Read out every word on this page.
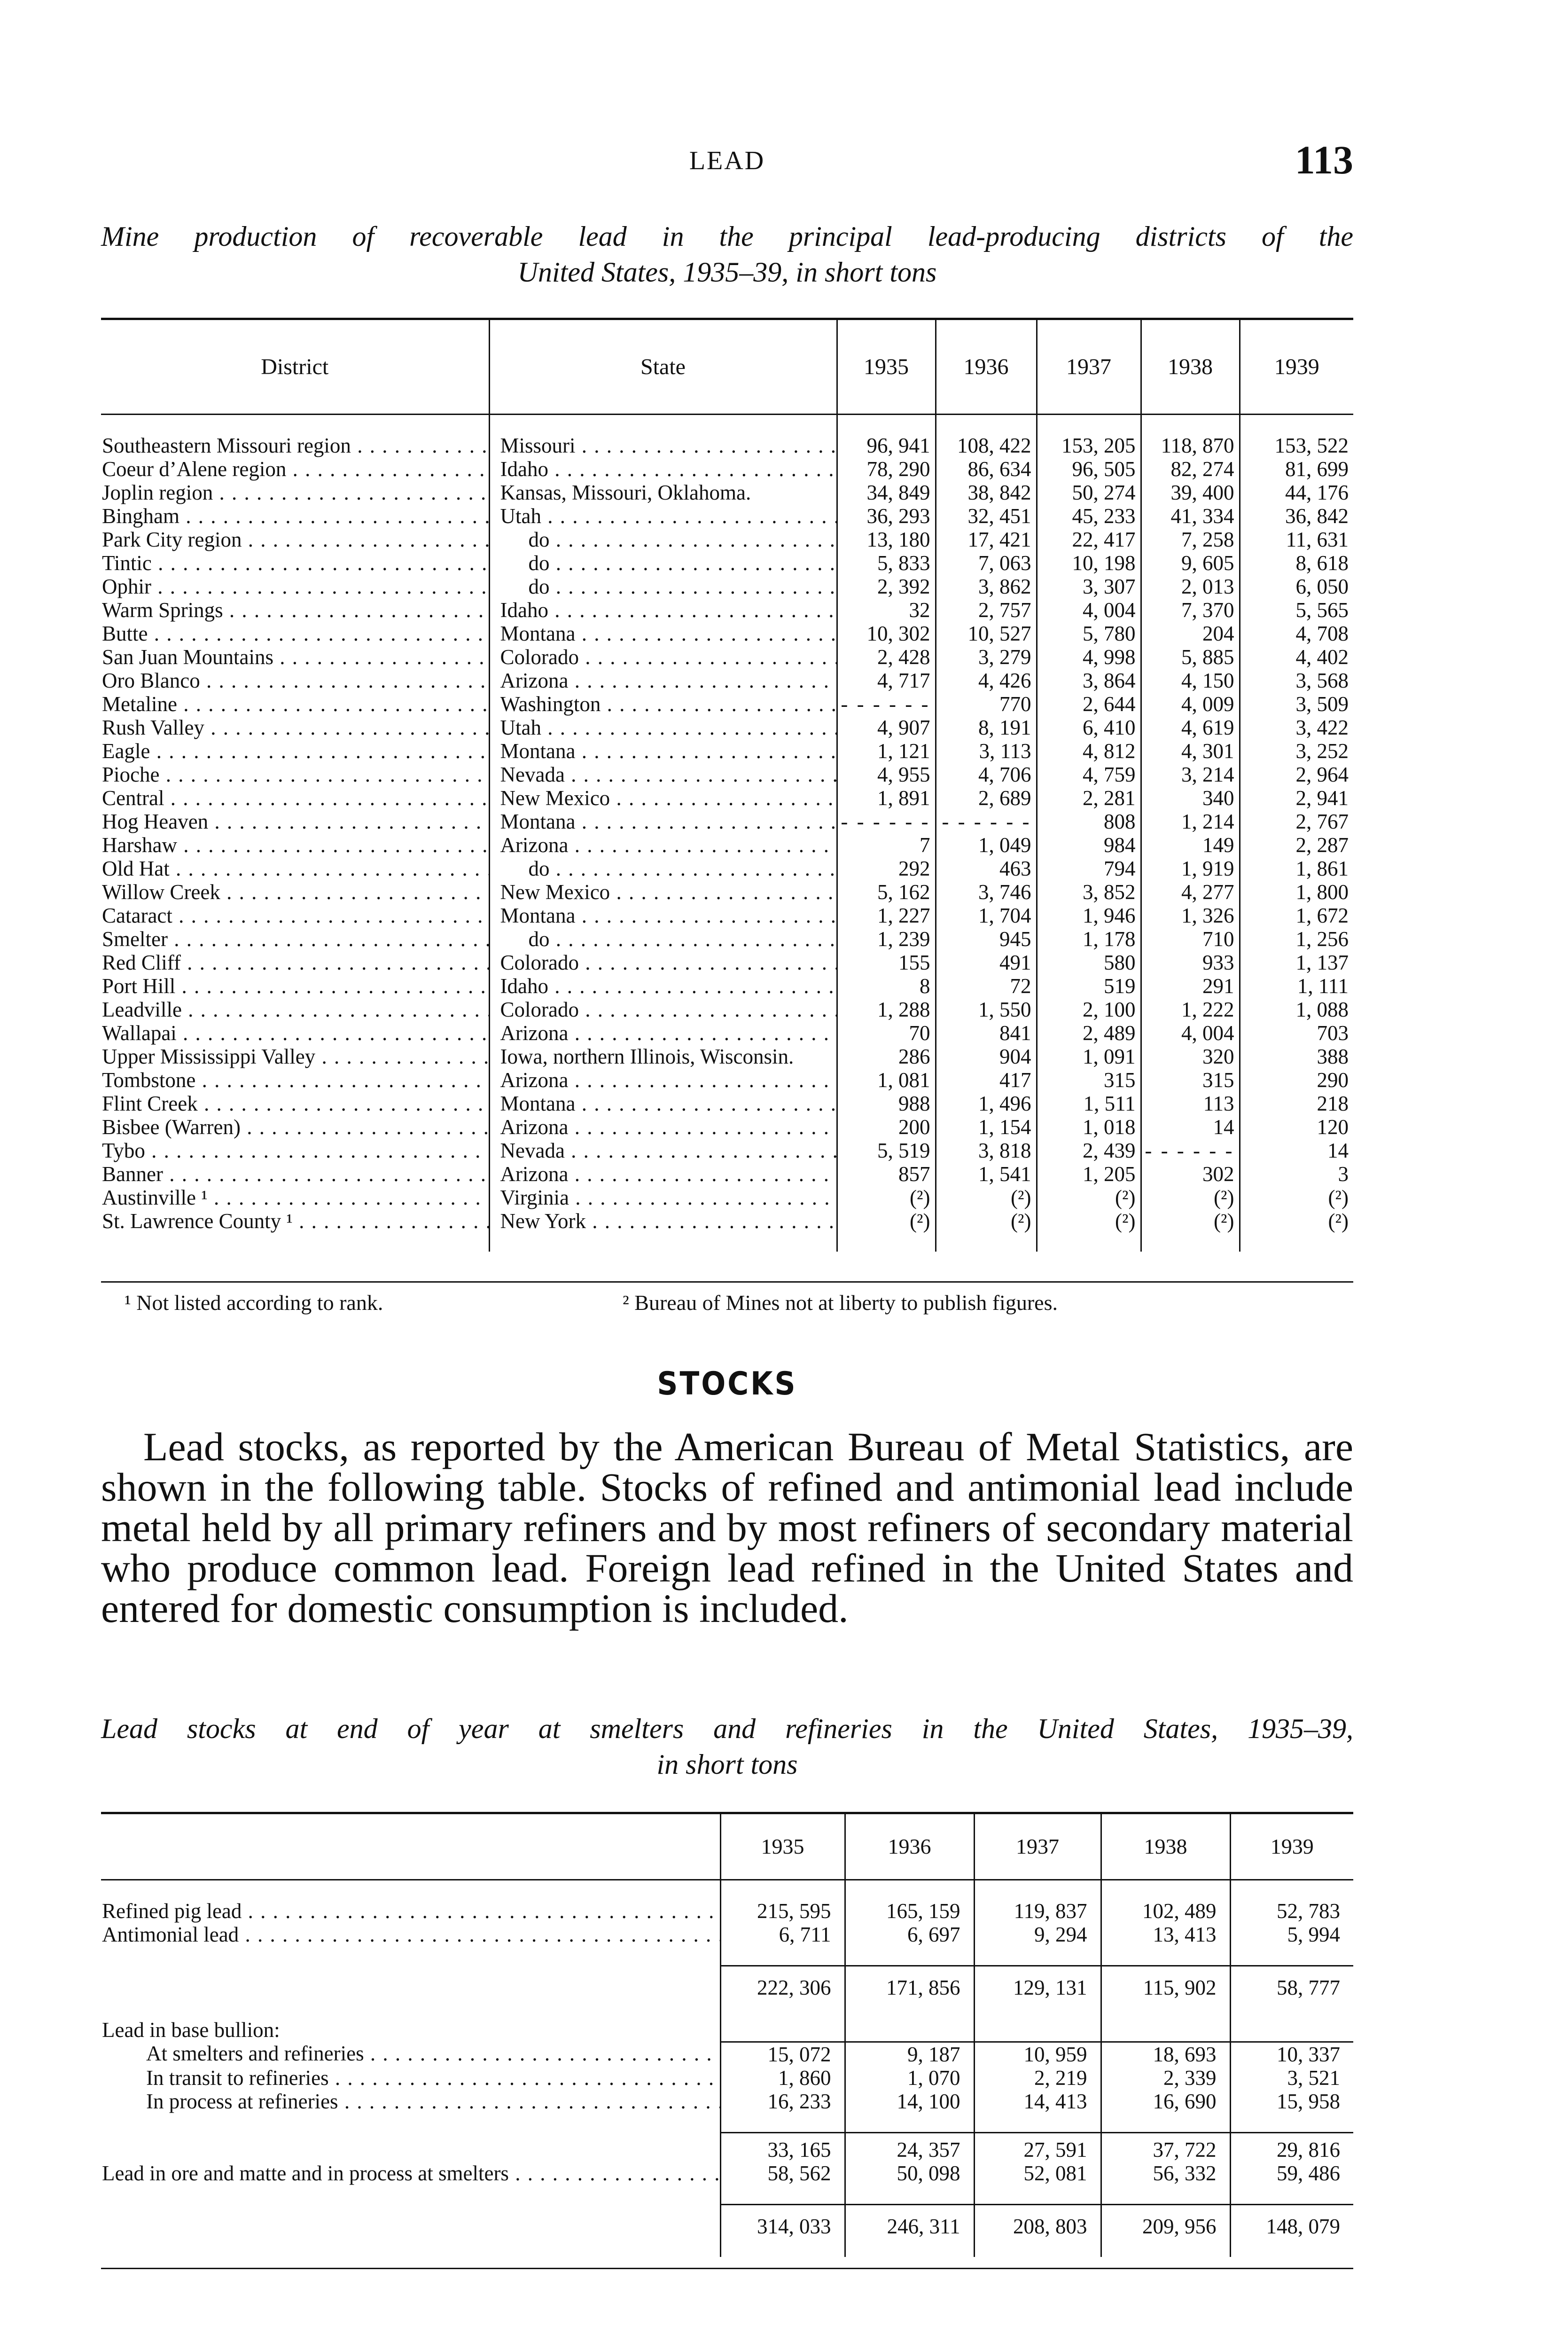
LEAD	113
Mine production of recoverable lead in the principal lead-producing districts of the
United States, 1935–39, in short tons
District	State	1935	1936	1937	1938	1939

Southeastern Missouri region . . .	Missouri . . .	96, 941	108, 422	153, 205	118, 870	153, 522

Coeur d’Alene region . . .	Idaho . . .	78, 290	86, 634	96, 505	82, 274	81, 699

Joplin region . . .	Kansas, Missouri, Oklahoma.	34, 849	38, 842	50, 274	39, 400	44, 176

Bingham . . .	Utah . . .	36, 293	32, 451	45, 233	41, 334	36, 842

Park City region . . .	do . . .	13, 180	17, 421	22, 417	7, 258	11, 631

Tintic . . .	do . . .	5, 833	7, 063	10, 198	9, 605	8, 618

Ophir . . .	do . . .	2, 392	3, 862	3, 307	2, 013	6, 050

Warm Springs . . .	Idaho . . .	32	2, 757	4, 004	7, 370	5, 565

Butte . . .	Montana . . .	10, 302	10, 527	5, 780	204	4, 708

San Juan Mountains . . .	Colorado . . .	2, 428	3, 279	4, 998	5, 885	4, 402

Oro Blanco . . .	Arizona . . .	4, 717	4, 426	3, 864	4, 150	3, 568

Metaline . . .	Washington . . .	- - - - - -	770	2, 644	4, 009	3, 509

Rush Valley . . .	Utah . . .	4, 907	8, 191	6, 410	4, 619	3, 422

Eagle . . .	Montana . . .	1, 121	3, 113	4, 812	4, 301	3, 252

Pioche . . .	Nevada . . .	4, 955	4, 706	4, 759	3, 214	2, 964

Central . . .	New Mexico . . .	1, 891	2, 689	2, 281	340	2, 941

Hog Heaven . . .	Montana . . .	- - - - - -	- - - - - -	808	1, 214	2, 767

Harshaw . . .	Arizona . . .	7	1, 049	984	149	2, 287

Old Hat . . .	do . . .	292	463	794	1, 919	1, 861

Willow Creek . . .	New Mexico . . .	5, 162	3, 746	3, 852	4, 277	1, 800

Cataract . . .	Montana . . .	1, 227	1, 704	1, 946	1, 326	1, 672

Smelter . . .	do . . .	1, 239	945	1, 178	710	1, 256

Red Cliff . . .	Colorado . . .	155	491	580	933	1, 137

Port Hill . . .	Idaho . . .	8	72	519	291	1, 111

Leadville . . .	Colorado . . .	1, 288	1, 550	2, 100	1, 222	1, 088

Wallapai . . .	Arizona . . .	70	841	2, 489	4, 004	703

Upper Mississippi Valley . . .	Iowa, northern Illinois, Wisconsin.	286	904	1, 091	320	388

Tombstone . . .	Arizona . . .	1, 081	417	315	315	290

Flint Creek . . .	Montana . . .	988	1, 496	1, 511	113	218

Bisbee (Warren) . . .	Arizona . . .	200	1, 154	1, 018	14	120

Tybo . . .	Nevada . . .	5, 519	3, 818	2, 439	- - - - - -	14

Banner . . .	Arizona . . .	857	1, 541	1, 205	302	3

Austinville ¹ . . .	Virginia . . .	(²)	(²)	(²)	(²)	(²)

St. Lawrence County ¹ . . .	New York . . .	(²)	(²)	(²)	(²)	(²)
¹ Not listed according to rank.	² Bureau of Mines not at liberty to publish figures.
STOCKS
Lead stocks, as reported by the American Bureau of Metal Statistics, are shown in the following table. Stocks of refined and antimonial lead include metal held by all primary refiners and by most refiners of secondary material who produce common lead. Foreign lead refined in the United States and entered for domestic consumption is included.
Lead stocks at end of year at smelters and refineries in the United States, 1935–39,
in short tons
	1935	1936	1937	1938	1939

Refined pig lead . . .	215, 595	165, 159	119, 837	102, 489	52, 783

Antimonial lead . . .	6, 711	6, 697	9, 294	13, 413	5, 994

	222, 306	171, 856	129, 131	115, 902	58, 777

Lead in base bullion:					

At smelters and refineries . . .	15, 072	9, 187	10, 959	18, 693	10, 337

In transit to refineries . . .	1, 860	1, 070	2, 219	2, 339	3, 521

In process at refineries . . .	16, 233	14, 100	14, 413	16, 690	15, 958

	33, 165	24, 357	27, 591	37, 722	29, 816

Lead in ore and matte and in process at smelters . . .	58, 562	50, 098	52, 081	56, 332	59, 486

	314, 033	246, 311	208, 803	209, 956	148, 079
